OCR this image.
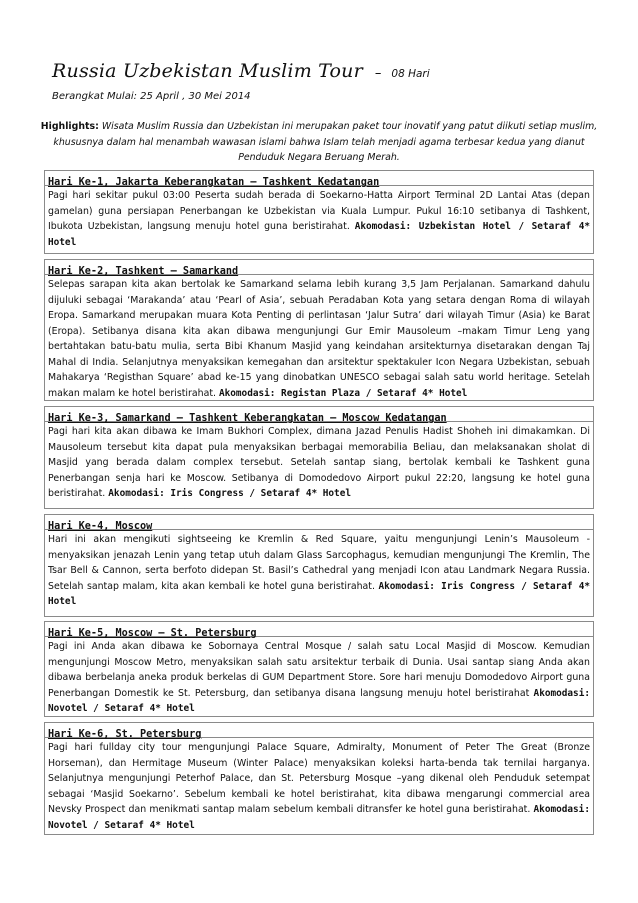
Russia Uzbekistan Muslim Tour – 08 Hari
Berangkat Mulai: 25 April , 30 Mei 2014
Highlights: Wisata Muslim Russia dan Uzbekistan ini merupakan paket tour inovatif yang patut diikuti setiap muslim, khususnya dalam hal menambah wawasan islami bahwa Islam telah menjadi agama terbesar kedua yang dianut Penduduk Negara Beruang Merah.
Hari Ke-1, Jakarta Keberangkatan – Tashkent Kedatangan
Pagi hari sekitar pukul 03:00 Peserta sudah berada di Soekarno-Hatta Airport Terminal 2D Lantai Atas (depan gamelan) guna persiapan Penerbangan ke Uzbekistan via Kuala Lumpur. Pukul 16:10 setibanya di Tashkent, Ibukota Uzbekistan, langsung menuju hotel guna beristirahat. Akomodasi: Uzbekistan Hotel / Setaraf 4* Hotel
Hari Ke-2, Tashkent – Samarkand
Selepas sarapan kita akan bertolak ke Samarkand selama lebih kurang 3,5 Jam Perjalanan. Samarkand dahulu dijuluki sebagai ‘Marakanda’ atau ‘Pearl of Asia’, sebuah Peradaban Kota yang setara dengan Roma di wilayah Eropa. Samarkand merupakan muara Kota Penting di perlintasan ‘Jalur Sutra’ dari wilayah Timur (Asia) ke Barat (Eropa). Setibanya disana kita akan dibawa mengunjungi Gur Emir Mausoleum –makam Timur Leng yang bertahtakan batu-batu mulia, serta Bibi Khanum Masjid yang keindahan arsitekturnya disetarakan dengan Taj Mahal di India. Selanjutnya menyaksikan kemegahan dan arsitektur spektakuler Icon Negara Uzbekistan, sebuah Mahakarya ‘Registhan Square’ abad ke-15 yang dinobatkan UNESCO sebagai salah satu world heritage. Setelah makan malam ke hotel beristirahat. Akomodasi: Registan Plaza / Setaraf 4* Hotel
Hari Ke-3, Samarkand – Tashkent Keberangkatan – Moscow Kedatangan
Pagi hari kita akan dibawa ke Imam Bukhori Complex, dimana Jazad Penulis Hadist Shoheh ini dimakamkan. Di Mausoleum tersebut kita dapat pula menyaksikan berbagai memorabilia Beliau, dan melaksanakan sholat di Masjid yang berada dalam complex tersebut. Setelah santap siang, bertolak kembali ke Tashkent guna Penerbangan senja hari ke Moscow. Setibanya di Domodedovo Airport pukul 22:20, langsung ke hotel guna beristirahat. Akomodasi: Iris Congress / Setaraf 4* Hotel
Hari Ke-4, Moscow
Hari ini akan mengikuti sightseeing ke Kremlin & Red Square, yaitu mengunjungi Lenin’s Mausoleum - menyaksikan jenazah Lenin yang tetap utuh dalam Glass Sarcophagus, kemudian mengunjungi The Kremlin, The Tsar Bell & Cannon, serta berfoto didepan St. Basil’s Cathedral yang menjadi Icon atau Landmark Negara Russia. Setelah santap malam, kita akan kembali ke hotel guna beristirahat. Akomodasi: Iris Congress / Setaraf 4* Hotel
Hari Ke-5, Moscow – St. Petersburg
Pagi ini Anda akan dibawa ke Sobornaya Central Mosque / salah satu Local Masjid di Moscow. Kemudian mengunjungi Moscow Metro, menyaksikan salah satu arsitektur terbaik di Dunia. Usai santap siang Anda akan dibawa berbelanja aneka produk berkelas di GUM Department Store. Sore hari menuju Domodedovo Airport guna Penerbangan Domestik ke St. Petersburg, dan setibanya disana langsung menuju hotel beristirahat Akomodasi: Novotel / Setaraf 4* Hotel
Hari Ke-6, St. Petersburg
Pagi hari fullday city tour mengunjungi Palace Square, Admiralty, Monument of Peter The Great (Bronze Horseman), dan Hermitage Museum (Winter Palace) menyaksikan koleksi harta-benda tak ternilai harganya. Selanjutnya mengunjungi Peterhof Palace, dan St. Petersburg Mosque –yang dikenal oleh Penduduk setempat sebagai ‘Masjid Soekarno’. Sebelum kembali ke hotel beristirahat, kita dibawa mengarungi commercial area Nevsky Prospect dan menikmati santap malam sebelum kembali ditransfer ke hotel guna beristirahat. Akomodasi: Novotel / Setaraf 4* Hotel
